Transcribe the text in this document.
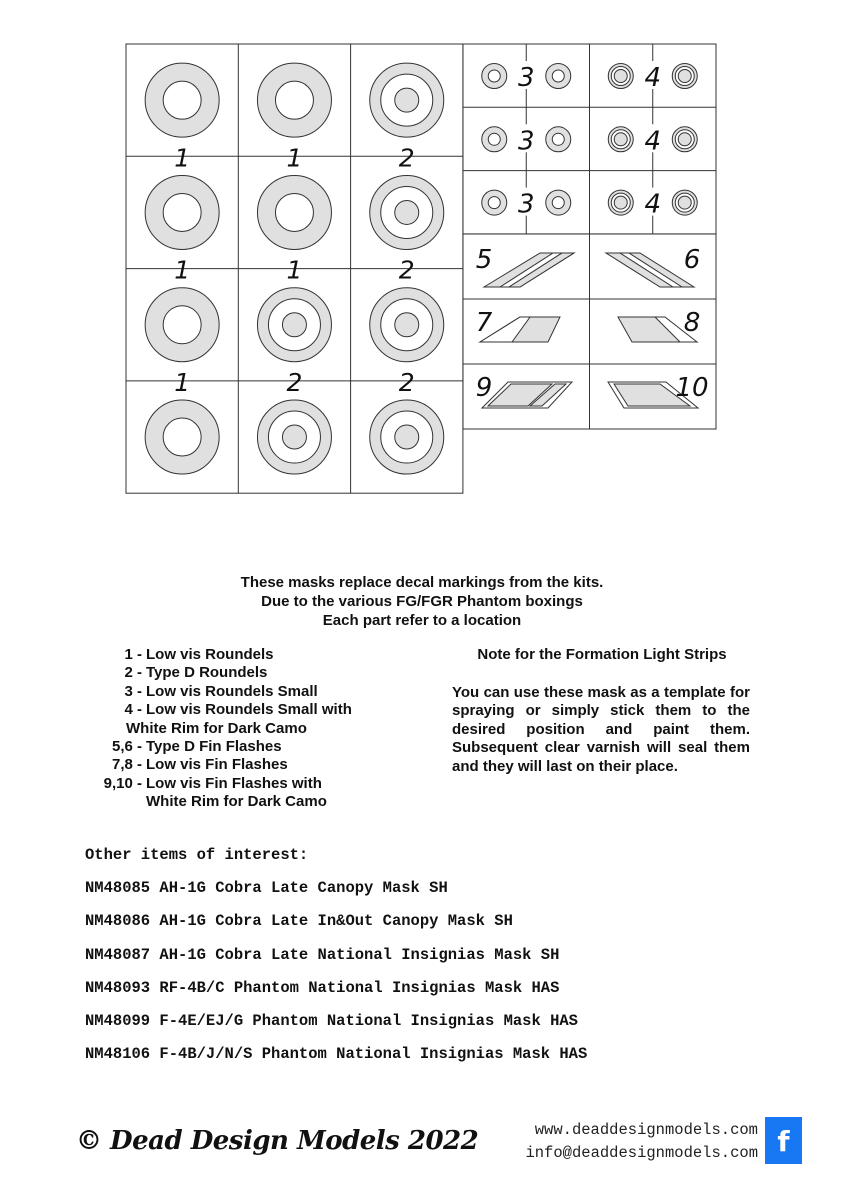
1	1	2
1	1	2
1	2	2
3	4
3	4
3	4
5	6
7	8
9	10
These masks replace decal markings from the kits.
Due to the various FG/FGR Phantom boxings
Each part refer to a location
1 - Low vis Roundels
2 - Type D Roundels
3 - Low vis Roundels Small
4 - Low vis Roundels Small with
White Rim for Dark Camo
5,6 - Type D Fin Flashes
7,8 - Low vis Fin Flashes
9,10 - Low vis Fin Flashes with
White Rim for Dark Camo
Note for the Formation Light Strips
You can use these mask as a template for spraying or simply stick them to the desired position and paint them. Subsequent clear varnish will seal them and they will last on their place.
Other items of interest:
NM48085 AH-1G Cobra Late Canopy Mask SH
NM48086 AH-1G Cobra Late In&Out Canopy Mask SH
NM48087 AH-1G Cobra Late National Insignias Mask SH
NM48093 RF-4B/C Phantom National Insignias Mask HAS
NM48099 F-4E/EJ/G Phantom National Insignias Mask HAS
NM48106 F-4B/J/N/S Phantom National Insignias Mask HAS
© Dead Design Models 2022	www.deaddesignmodels.com
info@deaddesignmodels.com f
